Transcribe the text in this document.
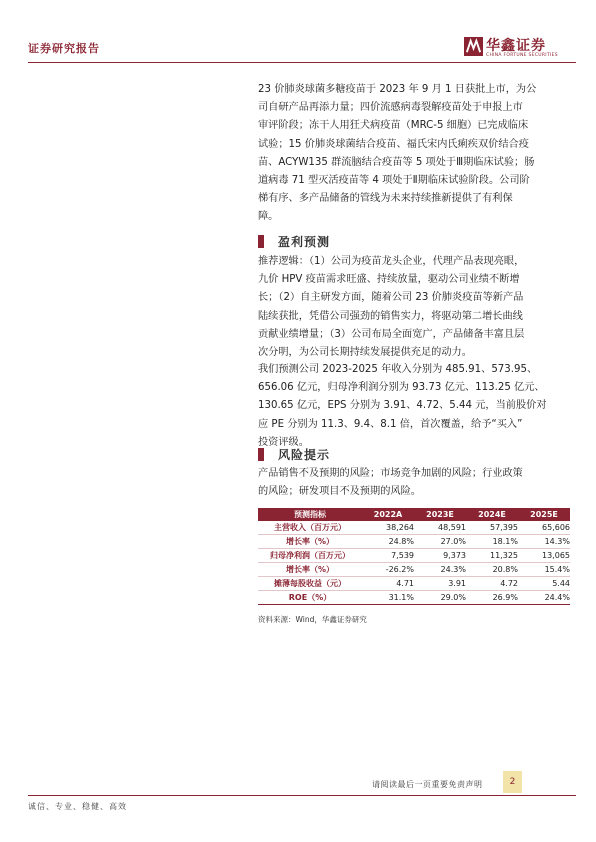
证券研究报告	华鑫证券
CHINA FORTUNE SECURITIES

23 价肺炎球菌多糖疫苗于 2023 年 9 月 1 日获批上市，为公

司自研产品再添力量；四价流感病毒裂解疫苗处于申报上市

审评阶段；冻干人用狂犬病疫苗（MRC-5 细胞）已完成临床

试验；15 价肺炎球菌结合疫苗、福氏宋内氏痢疾双价结合疫

苗、ACYW135 群流脑结合疫苗等 5 项处于Ⅲ期临床试验；肠

道病毒 71 型灭活疫苗等 4 项处于Ⅱ期临床试验阶段。公司阶

梯有序、多产品储备的管线为未来持续推新提供了有利保

障。

盈利预测

推荐逻辑：（1）公司为疫苗龙头企业，代理产品表现亮眼，

九价 HPV 疫苗需求旺盛、持续放量，驱动公司业绩不断增

长；（2）自主研发方面，随着公司 23 价肺炎疫苗等新产品

陆续获批，凭借公司强劲的销售实力，将驱动第二增长曲线

贡献业绩增量；（3）公司布局全面宽广，产品储备丰富且层

次分明，为公司长期持续发展提供充足的动力。

我们预测公司 2023-2025 年收入分别为 485.91、573.95、

656.06 亿元，归母净利润分别为 93.73 亿元、113.25 亿元、

130.65 亿元，EPS 分别为 3.91、4.72、5.44 元，当前股价对

应 PE 分别为 11.3、9.4、8.1 倍，首次覆盖，给予“买入”

投资评级。

风险提示

产品销售不及预期的风险；市场竞争加剧的风险；行业政策

的风险；研发项目不及预期的风险。

预测指标	2022A	2023E	2024E	2025E
主营收入（百万元）	38,264	48,591	57,395	65,606
增长率（%）	24.8%	27.0%	18.1%	14.3%
归母净利润（百万元）	7,539	9,373	11,325	13,065
增长率（%）	-26.2%	24.3%	20.8%	15.4%
摊薄每股收益（元）	4.71	3.91	4.72	5.44
ROE（%）	31.1%	29.0%	26.9%	24.4%
资料来源：Wind，华鑫证券研究
请阅读最后一页重要免责声明	2
诚信、专业、稳健、高效
